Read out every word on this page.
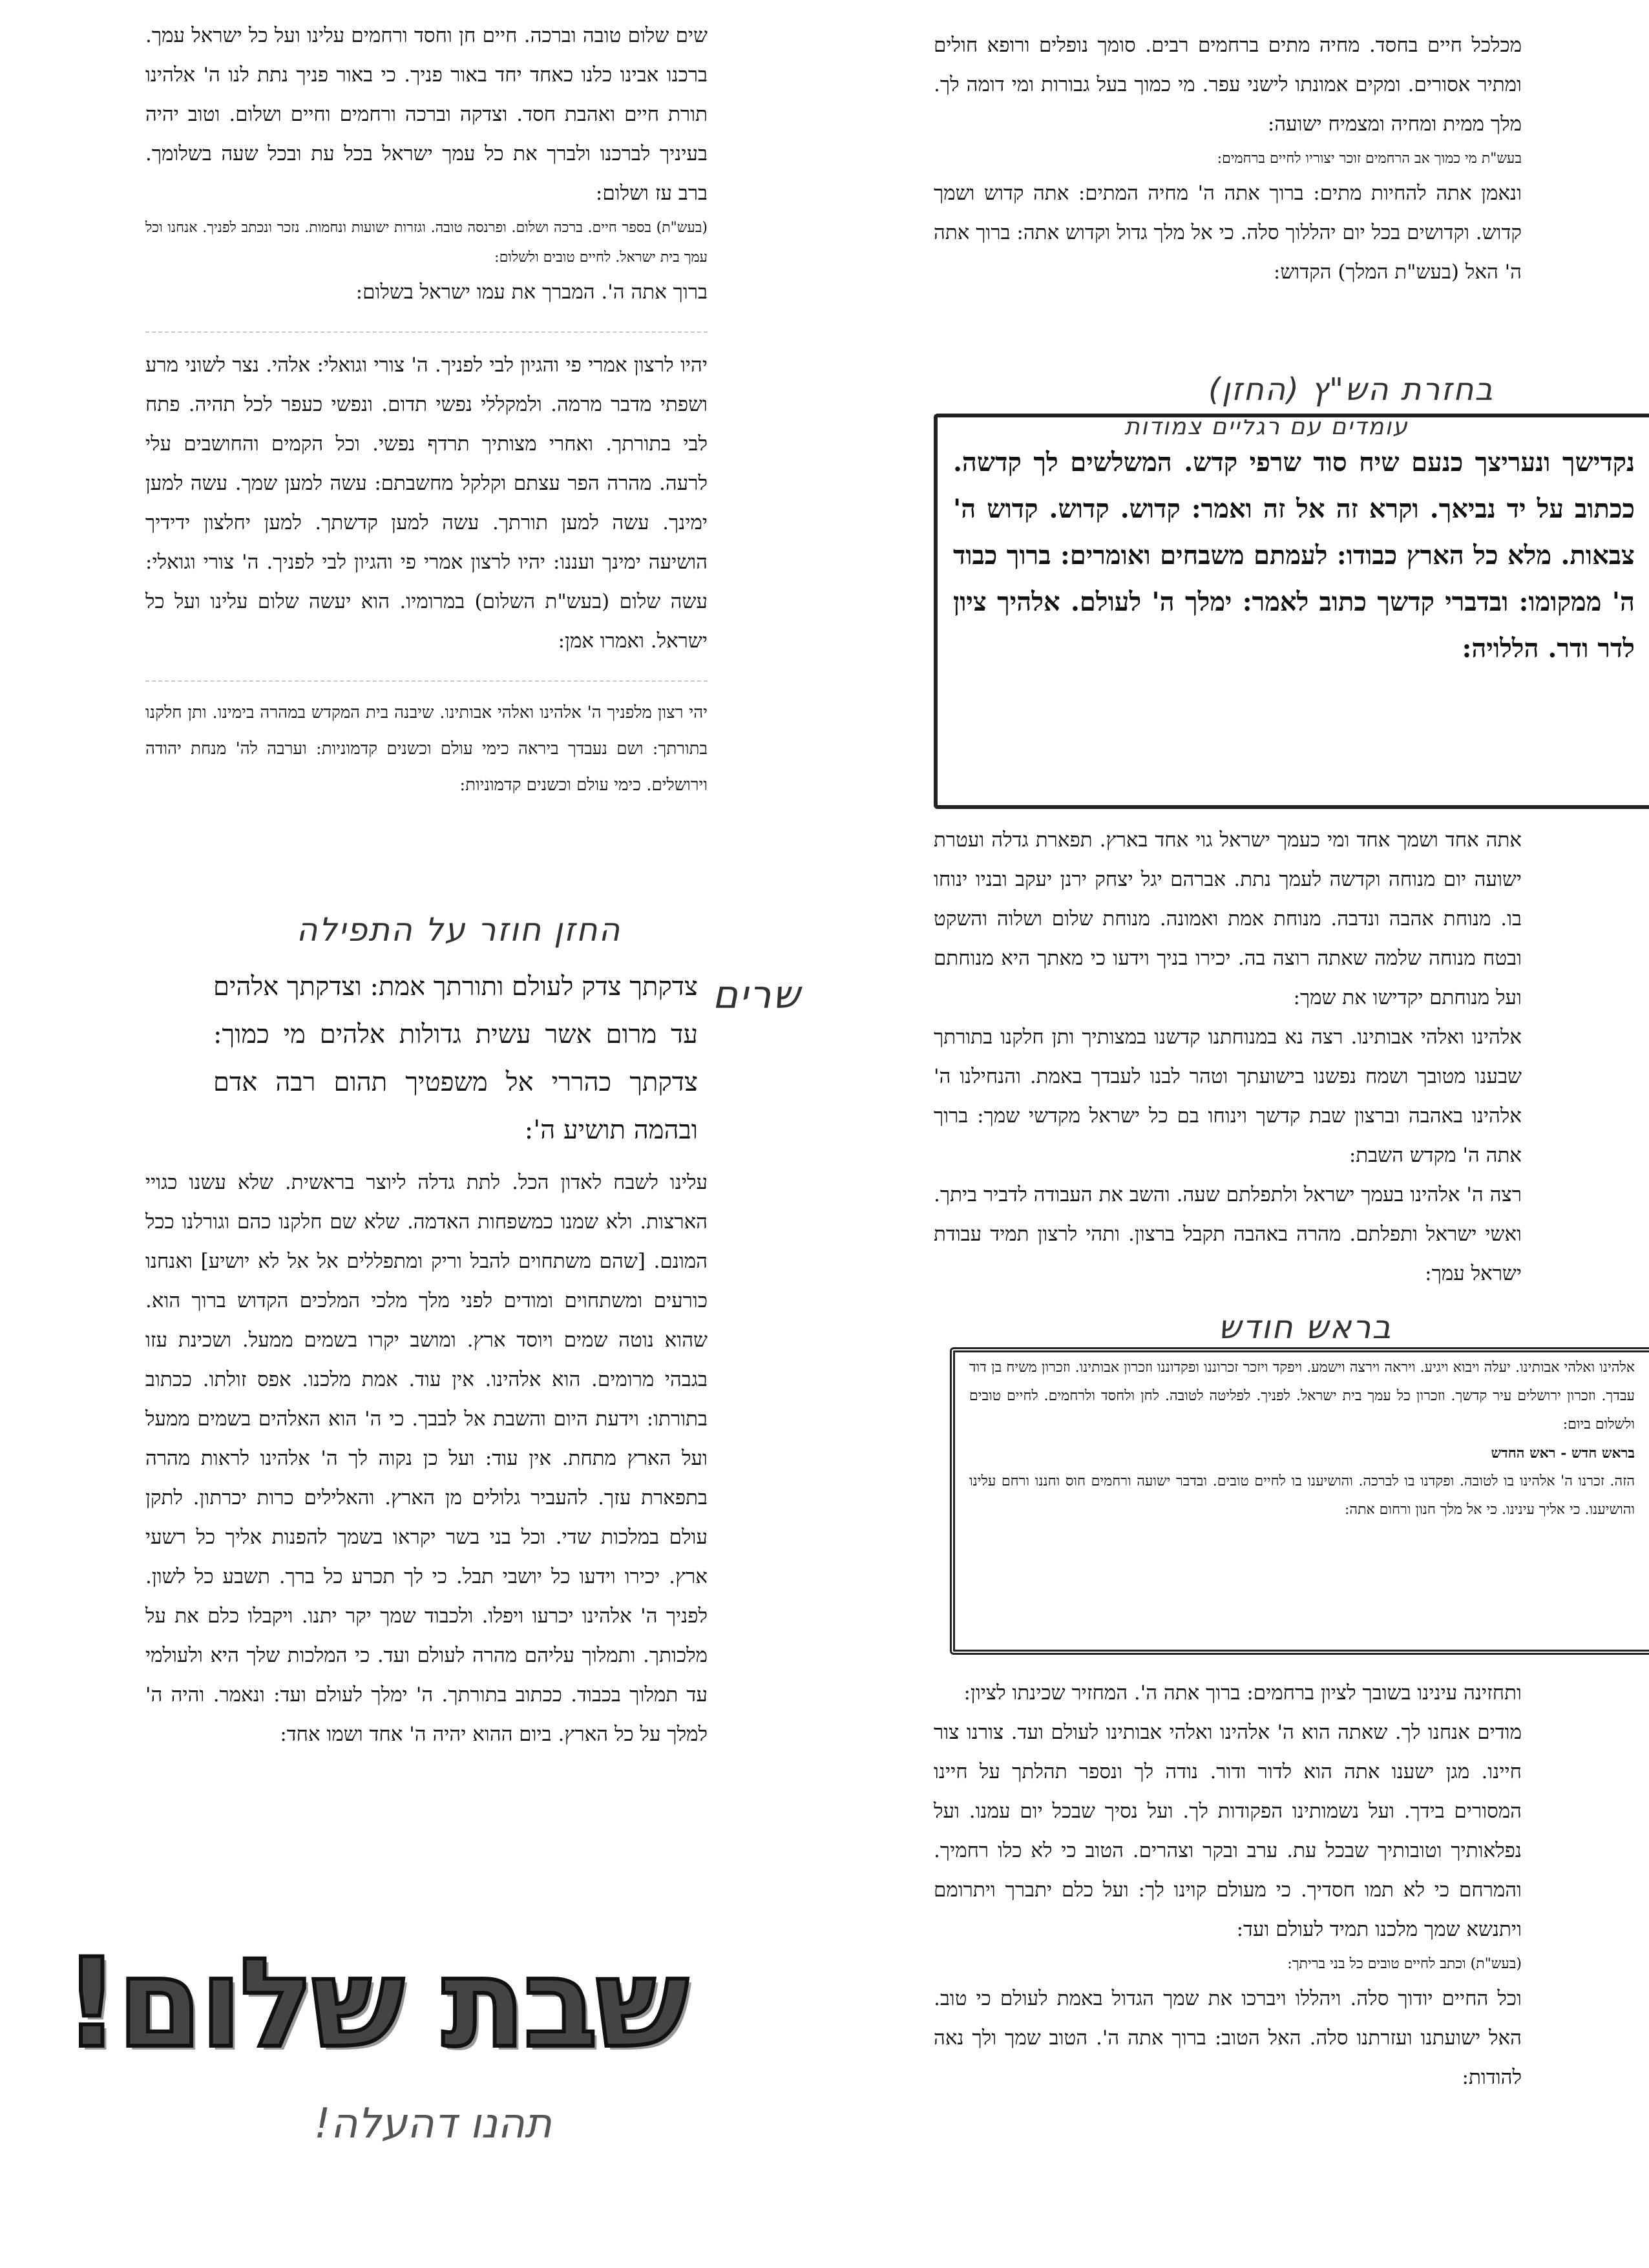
שים שלום טובה וברכה. חיים חן וחסד ורחמים עלינו ועל כל ישראל עמך. ברכנו אבינו כלנו כאחד יחד באור פניך. כי באור פניך נתת לנו ה' אלהינו תורת חיים ואהבת חסד. וצדקה וברכה ורחמים וחיים ושלום. וטוב יהיה בעיניך לברכנו ולברך את כל עמך ישראל בכל עת ובכל שעה בשלומך. ברב עז ושלום:

(בעש"ת) בספר חיים. ברכה ושלום. ופרנסה טובה. וגזרות ישועות ונחמות. נזכר ונכתב לפניך. אנחנו וכל עמך בית ישראל. לחיים טובים ולשלום:

ברוך אתה ה'. המברך את עמו ישראל בשלום:

יהיו לרצון אמרי פי והגיון לבי לפניך. ה' צורי וגואלי: אלהי. נצר לשוני מרע ושפתי מדבר מרמה. ולמקללי נפשי תדום. ונפשי כעפר לכל תהיה. פתח לבי בתורתך. ואחרי מצותיך תרדף נפשי. וכל הקמים והחושבים עלי לרעה. מהרה הפר עצתם וקלקל מחשבתם: עשה למען שמך. עשה למען ימינך. עשה למען תורתך. עשה למען קדשתך. למען יחלצון ידידיך הושיעה ימינך ועננו: יהיו לרצון אמרי פי והגיון לבי לפניך. ה' צורי וגואלי: עשה שלום (בעש"ת השלום) במרומיו. הוא יעשה שלום עלינו ועל כל ישראל. ואמרו אמן:

יהי רצון מלפניך ה' אלהינו ואלהי אבותינו. שיבנה בית המקדש במהרה בימינו. ותן חלקנו בתורתך: ושם נעבדך ביראה כימי עולם וכשנים קדמוניות: וערבה לה' מנחת יהודה וירושלים. כימי עולם וכשנים קדמוניות:

החזן חוזר על התפילה
שרים
צדקתך צדק לעולם ותורתך אמת: וצדקתך אלהים עד מרום אשר עשית גדולות אלהים מי כמוך: צדקתך כהררי אל משפטיך תהום רבה אדם ובהמה תושיע ה':

עלינו לשבח לאדון הכל. לתת גדלה ליוצר בראשית. שלא עשנו כגויי הארצות. ולא שמנו כמשפחות האדמה. שלא שם חלקנו כהם וגורלנו ככל המונם. [שהם משתחוים להבל וריק ומתפללים אל אל לא יושיע] ואנחנו כורעים ומשתחוים ומודים לפני מלך מלכי המלכים הקדוש ברוך הוא. שהוא נוטה שמים ויוסד ארץ. ומושב יקרו בשמים ממעל. ושכינת עזו בגבהי מרומים. הוא אלהינו. אין עוד. אמת מלכנו. אפס זולתו. ככתוב בתורתו: וידעת היום והשבת אל לבבך. כי ה' הוא האלהים בשמים ממעל ועל הארץ מתחת. אין עוד: ועל כן נקוה לך ה' אלהינו לראות מהרה בתפארת עזך. להעביר גלולים מן הארץ. והאלילים כרות יכרתון. לתקן עולם במלכות שדי. וכל בני בשר יקראו בשמך להפנות אליך כל רשעי ארץ. יכירו וידעו כל יושבי תבל. כי לך תכרע כל ברך. תשבע כל לשון. לפניך ה' אלהינו יכרעו ויפלו. ולכבוד שמך יקר יתנו. ויקבלו כלם את על מלכותך. ותמלוך עליהם מהרה לעולם ועד. כי המלכות שלך היא ולעולמי עד תמלוך בכבוד. ככתוב בתורתך. ה' ימלך לעולם ועד: ונאמר. והיה ה' למלך על כל הארץ. ביום ההוא יהיה ה' אחד ושמו אחד:

שבת שלום!
תהנו דהעלה!

מכלכל חיים בחסד. מחיה מתים ברחמים רבים. סומך נופלים ורופא חולים ומתיר אסורים. ומקים אמונתו לישני עפר. מי כמוך בעל גבורות ומי דומה לך. מלך ממית ומחיה ומצמיח ישועה:

בעש"ת מי כמוך אב הרחמים זוכר יצוריו לחיים ברחמים:

ונאמן אתה להחיות מתים: ברוך אתה ה' מחיה המתים: אתה קדוש ושמך קדוש. וקדושים בכל יום יהללוך סלה. כי אל מלך גדול וקדוש אתה: ברוך אתה ה' האל (בעש"ת המלך) הקדוש:

בחזרת הש"ץ (החזן)
עומדים עם רגליים צמודות
נקדישך ונעריצך כנעם שיח סוד שרפי קדש. המשלשים לך קדשה. ככתוב על יד נביאך. וקרא זה אל זה ואמר: קדוש. קדוש. קדוש ה' צבאות. מלא כל הארץ כבודו: לעמתם משבחים ואומרים: ברוך כבוד ה' ממקומו: ובדברי קדשך כתוב לאמר: ימלך ה' לעולם. אלהיך ציון לדר ודר. הללויה:

אתה אחד ושמך אחד ומי כעמך ישראל גוי אחד בארץ. תפארת גדלה ועטרת ישועה יום מנוחה וקדשה לעמך נתת. אברהם יגל יצחק ירנן יעקב ובניו ינוחו בו. מנוחת אהבה ונדבה. מנוחת אמת ואמונה. מנוחת שלום ושלוה והשקט ובטח מנוחה שלמה שאתה רוצה בה. יכירו בניך וידעו כי מאתך היא מנוחתם ועל מנוחתם יקדישו את שמך:

אלהינו ואלהי אבותינו. רצה נא במנוחתנו קדשנו במצותיך ותן חלקנו בתורתך שבענו מטובך ושמח נפשנו בישועתך וטהר לבנו לעבדך באמת. והנחילנו ה' אלהינו באהבה וברצון שבת קדשך וינוחו בם כל ישראל מקדשי שמך: ברוך אתה ה' מקדש השבת:

רצה ה' אלהינו בעמך ישראל ולתפלתם שעה. והשב את העבודה לדביר ביתך. ואשי ישראל ותפלתם. מהרה באהבה תקבל ברצון. ותהי לרצון תמיד עבודת ישראל עמך:

בראש חודש

אלהינו ואלהי אבותינו. יעלה ויבוא ויגיע. ויראה וירצה וישמע. ויפקד ויזכר זכרוננו ופקדוננו וזכרון אבותינו. וזכרון משיח בן דוד עבדך. וזכרון ירושלים עיר קדשך. וזכרון כל עמך בית ישראל. לפניך. לפליטה לטובה. לחן ולחסד ולרחמים. לחיים טובים ולשלום ביום:

בראש חדש - ראש החדש

הזה. זכרנו ה' אלהינו בו לטובה. ופקדנו בו לברכה. והושיענו בו לחיים טובים. ובדבר ישועה ורחמים חוס וחננו ורחם עלינו והושיענו. כי אליך עינינו. כי אל מלך חנון ורחום אתה:

ותחזינה עינינו בשובך לציון ברחמים: ברוך אתה ה'. המחזיר שכינתו לציון:

מודים אנחנו לך. שאתה הוא ה' אלהינו ואלהי אבותינו לעולם ועד. צורנו צור חיינו. מגן ישענו אתה הוא לדור ודור. נודה לך ונספר תהלתך על חיינו המסורים בידך. ועל נשמותינו הפקודות לך. ועל נסיך שבכל יום עמנו. ועל נפלאותיך וטובותיך שבכל עת. ערב ובקר וצהרים. הטוב כי לא כלו רחמיך. והמרחם כי לא תמו חסדיך. כי מעולם קוינו לך: ועל כלם יתברך ויתרומם ויתנשא שמך מלכנו תמיד לעולם ועד:

(בעש"ת) וכתב לחיים טובים כל בני בריתך:

וכל החיים יודוך סלה. ויהללו ויברכו את שמך הגדול באמת לעולם כי טוב. האל ישועתנו ועזרתנו סלה. האל הטוב: ברוך אתה ה'. הטוב שמך ולך נאה להודות:
